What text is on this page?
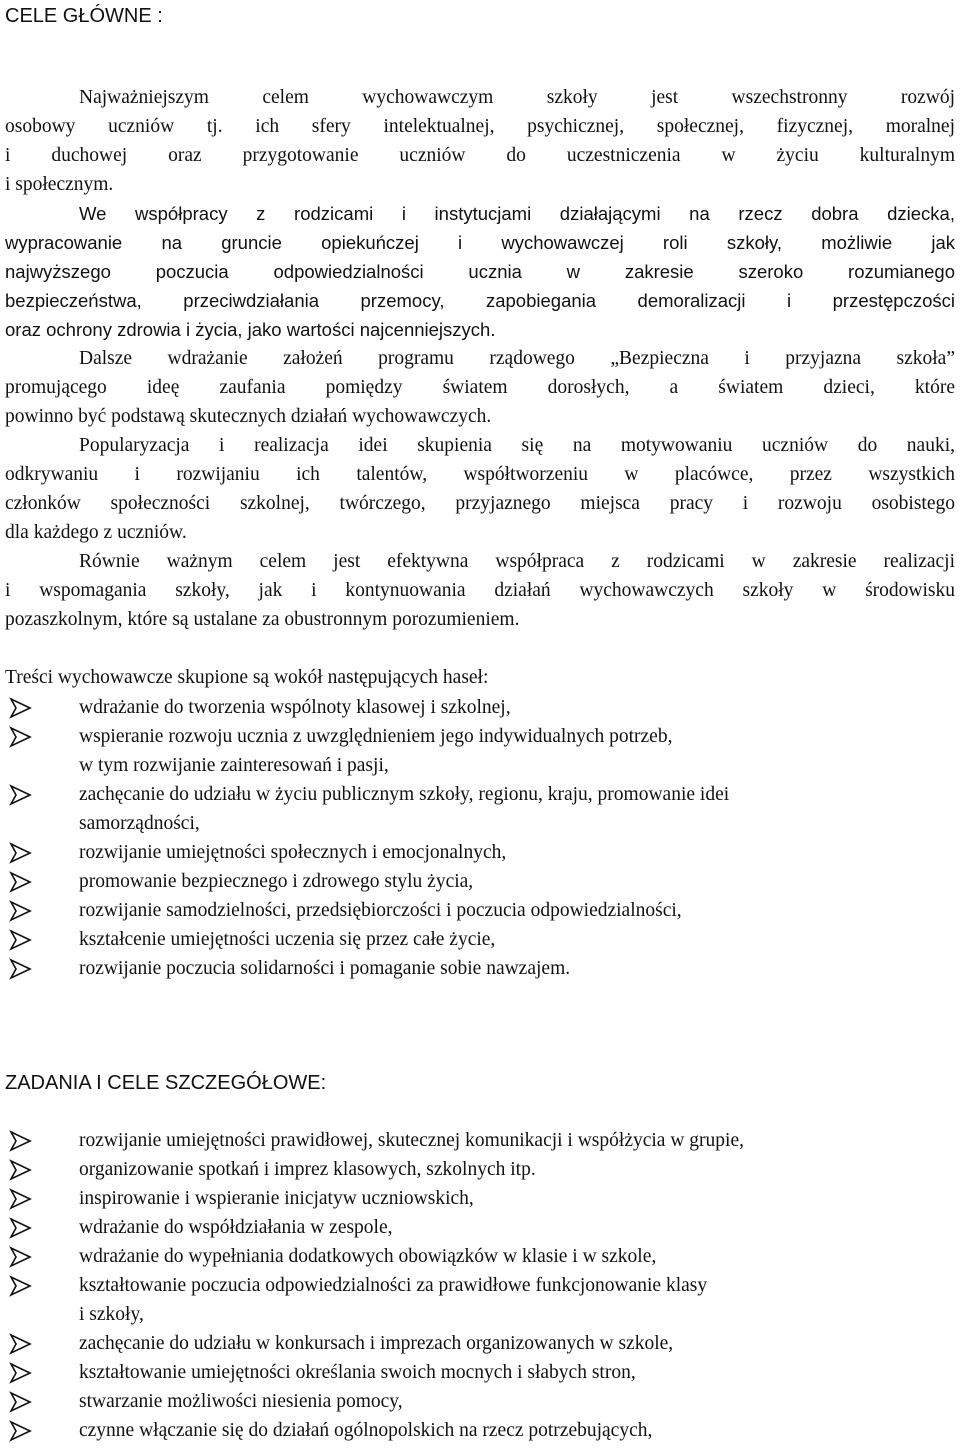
CELE GŁÓWNE :
Najważniejszym celem wychowawczym szkoły jest wszechstronny rozwój
osobowy uczniów tj. ich sfery intelektualnej, psychicznej, społecznej, fizycznej, moralnej
i duchowej oraz przygotowanie uczniów do uczestniczenia w życiu kulturalnym
i społecznym.
We współpracy z rodzicami i instytucjami działającymi na rzecz dobra dziecka,
wypracowanie na gruncie opiekuńczej i wychowawczej roli szkoły, możliwie jak
najwyższego poczucia odpowiedzialności ucznia w zakresie szeroko rozumianego
bezpieczeństwa, przeciwdziałania przemocy, zapobiegania demoralizacji i przestępczości
oraz ochrony zdrowia i życia, jako wartości najcenniejszych.
Dalsze wdrażanie założeń programu rządowego „Bezpieczna i przyjazna szkoła”
promującego ideę zaufania pomiędzy światem dorosłych, a światem dzieci, które
powinno być podstawą skutecznych działań wychowawczych.
Popularyzacja i realizacja idei skupienia się na motywowaniu uczniów do nauki,
odkrywaniu i rozwijaniu ich talentów, współtworzeniu w placówce, przez wszystkich
członków społeczności szkolnej, twórczego, przyjaznego miejsca pracy i rozwoju osobistego
dla każdego z uczniów.
Równie ważnym celem jest efektywna współpraca z rodzicami w zakresie realizacji
i wspomagania szkoły, jak i kontynuowania działań wychowawczych szkoły w środowisku
pozaszkolnym, które są ustalane za obustronnym porozumieniem.
Treści wychowawcze skupione są wokół następujących haseł:
wdrażanie do tworzenia wspólnoty klasowej i szkolnej,
wspieranie rozwoju ucznia z uwzględnieniem jego indywidualnych potrzeb,
w tym rozwijanie zainteresowań i pasji,
zachęcanie do udziału w życiu publicznym szkoły, regionu, kraju, promowanie idei
samorządności,
rozwijanie umiejętności społecznych i emocjonalnych,
promowanie bezpiecznego i zdrowego stylu życia,
rozwijanie samodzielności, przedsiębiorczości i poczucia odpowiedzialności,
kształcenie umiejętności uczenia się przez całe życie,
rozwijanie poczucia solidarności i pomaganie sobie nawzajem.
ZADANIA I CELE SZCZEGÓŁOWE:
rozwijanie umiejętności prawidłowej, skutecznej komunikacji i współżycia w grupie,
organizowanie spotkań i imprez klasowych, szkolnych itp.
inspirowanie i wspieranie inicjatyw uczniowskich,
wdrażanie do współdziałania w zespole,
wdrażanie do wypełniania dodatkowych obowiązków w klasie i w szkole,
kształtowanie poczucia odpowiedzialności za prawidłowe funkcjonowanie klasy
i szkoły,
zachęcanie do udziału w konkursach i imprezach organizowanych w szkole,
kształtowanie umiejętności określania swoich mocnych i słabych stron,
stwarzanie możliwości niesienia pomocy,
czynne włączanie się do działań ogólnopolskich na rzecz potrzebujących,
